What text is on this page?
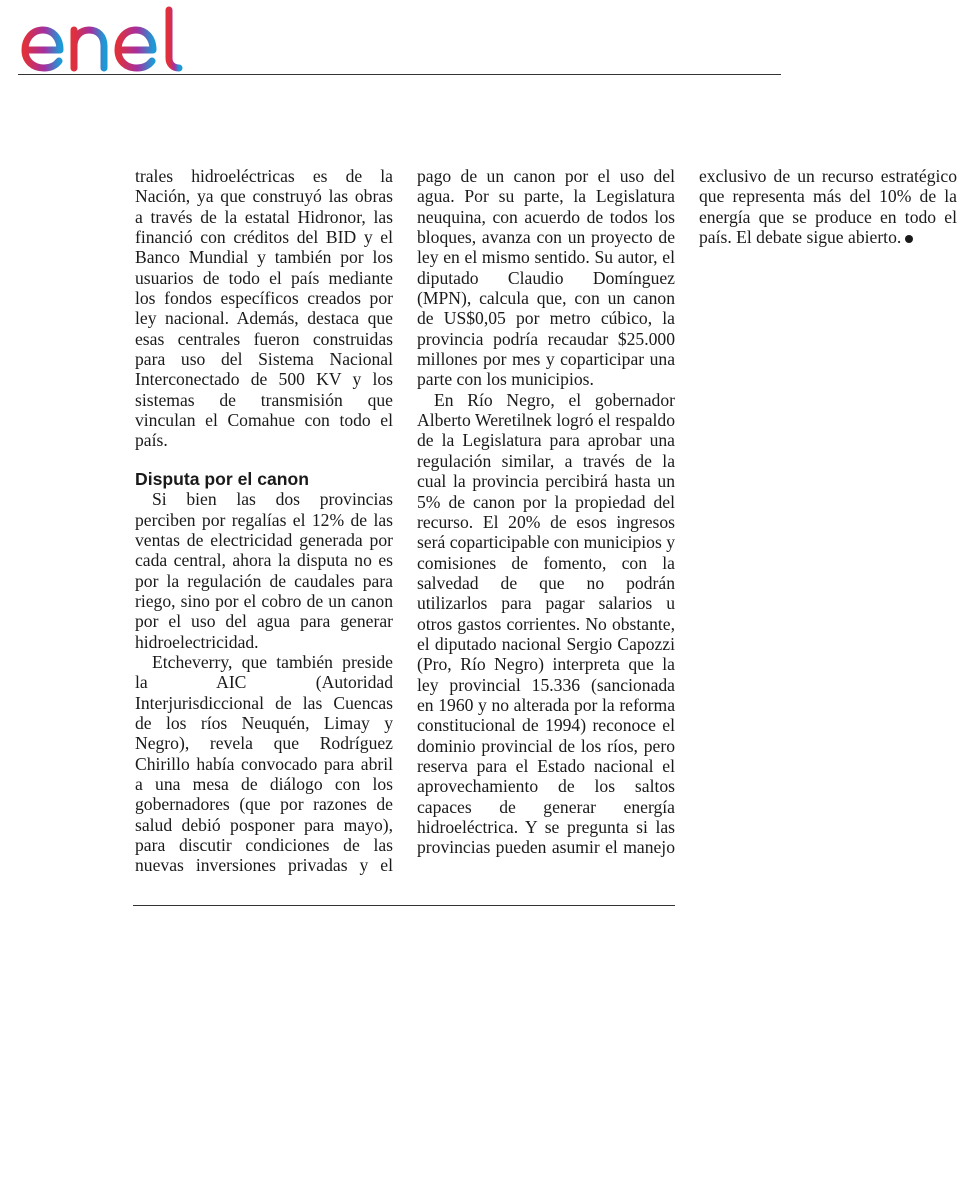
trales hidroeléctricas es de la Nación, ya que construyó las obras a través de la estatal Hidronor, las financió con créditos del BID y el Banco Mundial y también por los usuarios de todo el país mediante los fondos específicos creados por ley nacional. Además, destaca que esas centrales fueron construidas para uso del Sistema Nacional Interconectado de 500 KV y los sistemas de transmisión que vinculan el Comahue con todo el país.

Disputa por el canon

Si bien las dos provincias perciben por regalías el 12% de las ventas de electricidad generada por cada central, ahora la disputa no es por la regulación de caudales para riego, sino por el cobro de un canon por el uso del agua para generar hidroelectricidad.

Etcheverry, que también preside la AIC (Autoridad Interjurisdiccional de las Cuencas de los ríos Neuquén, Limay y Negro), revela que Rodríguez Chirillo había convocado para abril a una mesa de diálogo con los gobernadores (que por razones de salud debió posponer para mayo), para discutir condiciones de las nuevas inversiones privadas y el pago de un canon por el uso del agua. Por su parte, la Legislatura neuquina, con acuerdo de todos los bloques, avanza con un proyecto de ley en el mismo sentido. Su autor, el diputado Claudio Domínguez (MPN), calcula que, con un canon de US$0,05 por metro cúbico, la provincia podría recaudar $25.000 millones por mes y coparticipar una parte con los municipios.

En Río Negro, el gobernador Alberto Weretilnek logró el respaldo de la Legislatura para aprobar una regulación similar, a través de la cual la provincia percibirá hasta un 5% de canon por la propiedad del recurso. El 20% de esos ingresos será coparticipable con municipios y comisiones de fomento, con la salvedad de que no podrán utilizarlos para pagar salarios u otros gastos corrientes. No obstante, el diputado nacional Sergio Capozzi (Pro, Río Negro) interpreta que la ley provincial 15.336 (sancionada en 1960 y no alterada por la reforma constitucional de 1994) reconoce el dominio provincial de los ríos, pero reserva para el Estado nacional el aprovechamiento de los saltos capaces de generar energía hidroeléctrica. Y se pregunta si las provincias pueden asumir el manejo exclusivo de un recurso estratégico que representa más del 10% de la energía que se produce en todo el país. El debate sigue abierto.
